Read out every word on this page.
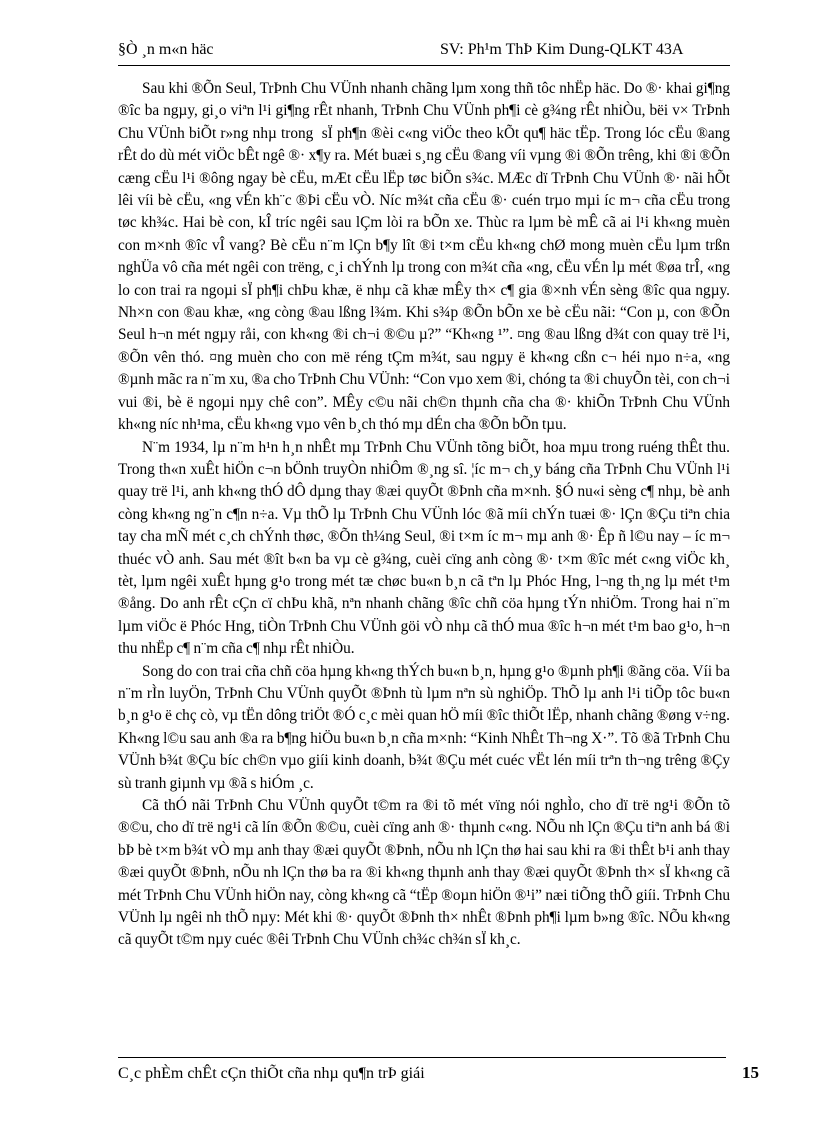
§Ò ¸n m«n häc	SV: Ph¹m ThÞ Kim Dung-QLKT 43A

Sau khi ®Õn Seul, TrÞnh Chu VÜnh nhanh chãng lµm xong thñ tôc nhËp häc. Do ®· khai gi¶ng ®îc ba ngµy, gi¸o viªn l¹i gi¶ng rÊt nhanh, TrÞnh Chu VÜnh ph¶i cè g¾ng rÊt nhiÒu, bëi v× TrÞnh Chu VÜnh biÕt r»ng nhµ trong sÏ ph¶n ®èi c«ng viÖc theo kÕt qu¶ häc tËp. Trong lóc cËu ®ang rÊt do dù mét viÖc bÊt ngê ®· x¶y ra. Mét buæi s¸ng cËu ®ang víi vµng ®i ®Õn trêng, khi ®i ®Õn cæng cËu l¹i ®ông ngay bè cËu, mÆt cËu lËp tøc biÕn s¾c. MÆc dï TrÞnh Chu VÜnh ®· nãi hÕt lêi víi bè cËu, «ng vÉn kh¨c ®Þi cËu vÒ. Níc m¾t cña cËu ®· cuén trµo mµi íc m¬ cña cËu trong tøc kh¾c. Hai bè con, kÎ tríc ngêi sau lÇm lòi ra bÕn xe. Thùc ra lµm bè mÊ cã ai l¹i kh«ng muèn con m×nh ®îc vÎ vang? Bè cËu n¨m lÇn b¶y lît ®i t×m cËu kh«ng chØ mong muèn cËu lµm trßn nghÜa vô cña mét ngêi con trëng, c¸i chÝnh lµ trong con m¾t cña «ng, cËu vÉn lµ mét ®øa trÎ, «ng lo con trai ra ngoµi sÏ ph¶i chÞu khæ, ë nhµ cã khæ mÊy th× c¶ gia ®×nh vÉn sèng ®îc qua ngµy. Nh×n con ®au khæ, «ng còng ®au lßng l¾m. Khi s¾p ®Õn bÕn xe bè cËu nãi: “Con µ, con ®Õn Seul h¬n mét ngµy råi, con kh«ng ®i ch¬i ®©u µ?” “Kh«ng ¹”. ¤ng ®au lßng d¾t con quay trë l¹i, ®Õn vên thó. ¤ng muèn cho con më réng tÇm m¾t, sau ngµy ë kh«ng cßn c¬ héi nµo n÷a, «ng ®µnh mãc ra n¨m xu, ®a cho TrÞnh Chu VÜnh: “Con vµo xem ®i, chóng ta ®i chuyÕn tèi, con ch¬i vui ®i, bè ë ngoµi nµy chê con”. MÊy c©u nãi ch©n thµnh cña cha ®· khiÕn TrÞnh Chu VÜnh kh«ng níc nh¹ma, cËu kh«ng vµo vên b¸ch thó mµ dÉn cha ®Õn bÕn tµu.

N¨m 1934, lµ n¨m h¹n h¸n nhÊt mµ TrÞnh Chu VÜnh tõng biÕt, hoa mµu trong ruéng thÊt thu. Trong th«n xuÊt hiÖn c¬n bÖnh truyÒn nhiÔm ®¸ng sî. ¦íc m¬ ch¸y báng cña TrÞnh Chu VÜnh l¹i quay trë l¹i, anh kh«ng thÓ dÔ dµng thay ®æi quyÕt ®Þnh cña m×nh. §Ó nu«i sèng c¶ nhµ, bè anh còng kh«ng ng¨n c¶n n÷a. Vµ thÕ lµ TrÞnh Chu VÜnh lóc ®ã míi chÝn tuæi ®· lÇn ®Çu tiªn chia tay cha mÑ mét c¸ch chÝnh thøc, ®Õn th¼ng Seul, ®i t×m íc m¬ mµ anh ®· Êp ñ l©u nay – íc m¬ thuéc vÒ anh. Sau mét ®ît b«n ba vµ cè g¾ng, cuèi cïng anh còng ®· t×m ®îc mét c«ng viÖc kh¸ tèt, lµm ngêi xuÊt hµng g¹o trong mét tæ chøc bu«n b¸n cã tªn lµ Phóc Hng, l¬ng th¸ng lµ mét t¹m ®ång. Do anh rÊt cÇn cï chÞu khã, nªn nhanh chãng ®îc chñ cöa hµng tÝn nhiÖm. Trong hai n¨m lµm viÖc ë Phóc Hng, tiÒn TrÞnh Chu VÜnh göi vÒ nhµ cã thÓ mua ®îc h¬n mét t¹m bao g¹o, h¬n thu nhËp c¶ n¨m cña c¶ nhµ rÊt nhiÒu.

Song do con trai cña chñ cöa hµng kh«ng thÝch bu«n b¸n, hµng g¹o ®µnh ph¶i ®ãng cöa. Víi ba n¨m rÌn luyÖn, TrÞnh Chu VÜnh quyÕt ®Þnh tù lµm nªn sù nghiÖp. ThÕ lµ anh l¹i tiÕp tôc bu«n b¸n g¹o ë chç cò, vµ tËn dông triÖt ®Ó c¸c mèi quan hÖ míi ®îc thiÕt lËp, nhanh chãng ®øng v÷ng. Kh«ng l©u sau anh ®a ra b¶ng hiÖu bu«n b¸n cña m×nh: “Kinh NhÊt Th¬ng X·”. Tõ ®ã TrÞnh Chu VÜnh b¾t ®Çu bíc ch©n vµo giíi kinh doanh, b¾t ®Çu mét cuéc vËt lén míi trªn th¬ng trêng ®Çy sù tranh giµnh vµ ®ã s hiÓm ¸c.

Cã thÓ nãi TrÞnh Chu VÜnh quyÕt t©m ra ®i tõ mét vïng nói nghÌo, cho dï trë ng¹i ®Õn tõ ®©u, cho dï trë ng¹i cã lín ®Õn ®©u, cuèi cïng anh ®· thµnh c«ng. NÕu nh lÇn ®Çu tiªn anh bá ®i bÞ bè t×m b¾t vÒ mµ anh thay ®æi quyÕt ®Þnh, nÕu nh lÇn thø hai sau khi ra ®i thÊt b¹i anh thay ®æi quyÕt ®Þnh, nÕu nh lÇn thø ba ra ®i kh«ng thµnh anh thay ®æi quyÕt ®Þnh th× sÏ kh«ng cã mét TrÞnh Chu VÜnh hiÖn nay, còng kh«ng cã “tËp ®oµn hiÖn ®¹i” næi tiÕng thÕ giíi. TrÞnh Chu VÜnh lµ ngêi nh thÕ nµy: Mét khi ®· quyÕt ®Þnh th× nhÊt ®Þnh ph¶i lµm b»ng ®îc. NÕu kh«ng cã quyÕt t©m nµy cuéc ®êi TrÞnh Chu VÜnh ch¾c ch¾n sÏ kh¸c.

C¸c phÈm chÊt cÇn thiÕt cña nhµ qu¶n trÞ giái	15
